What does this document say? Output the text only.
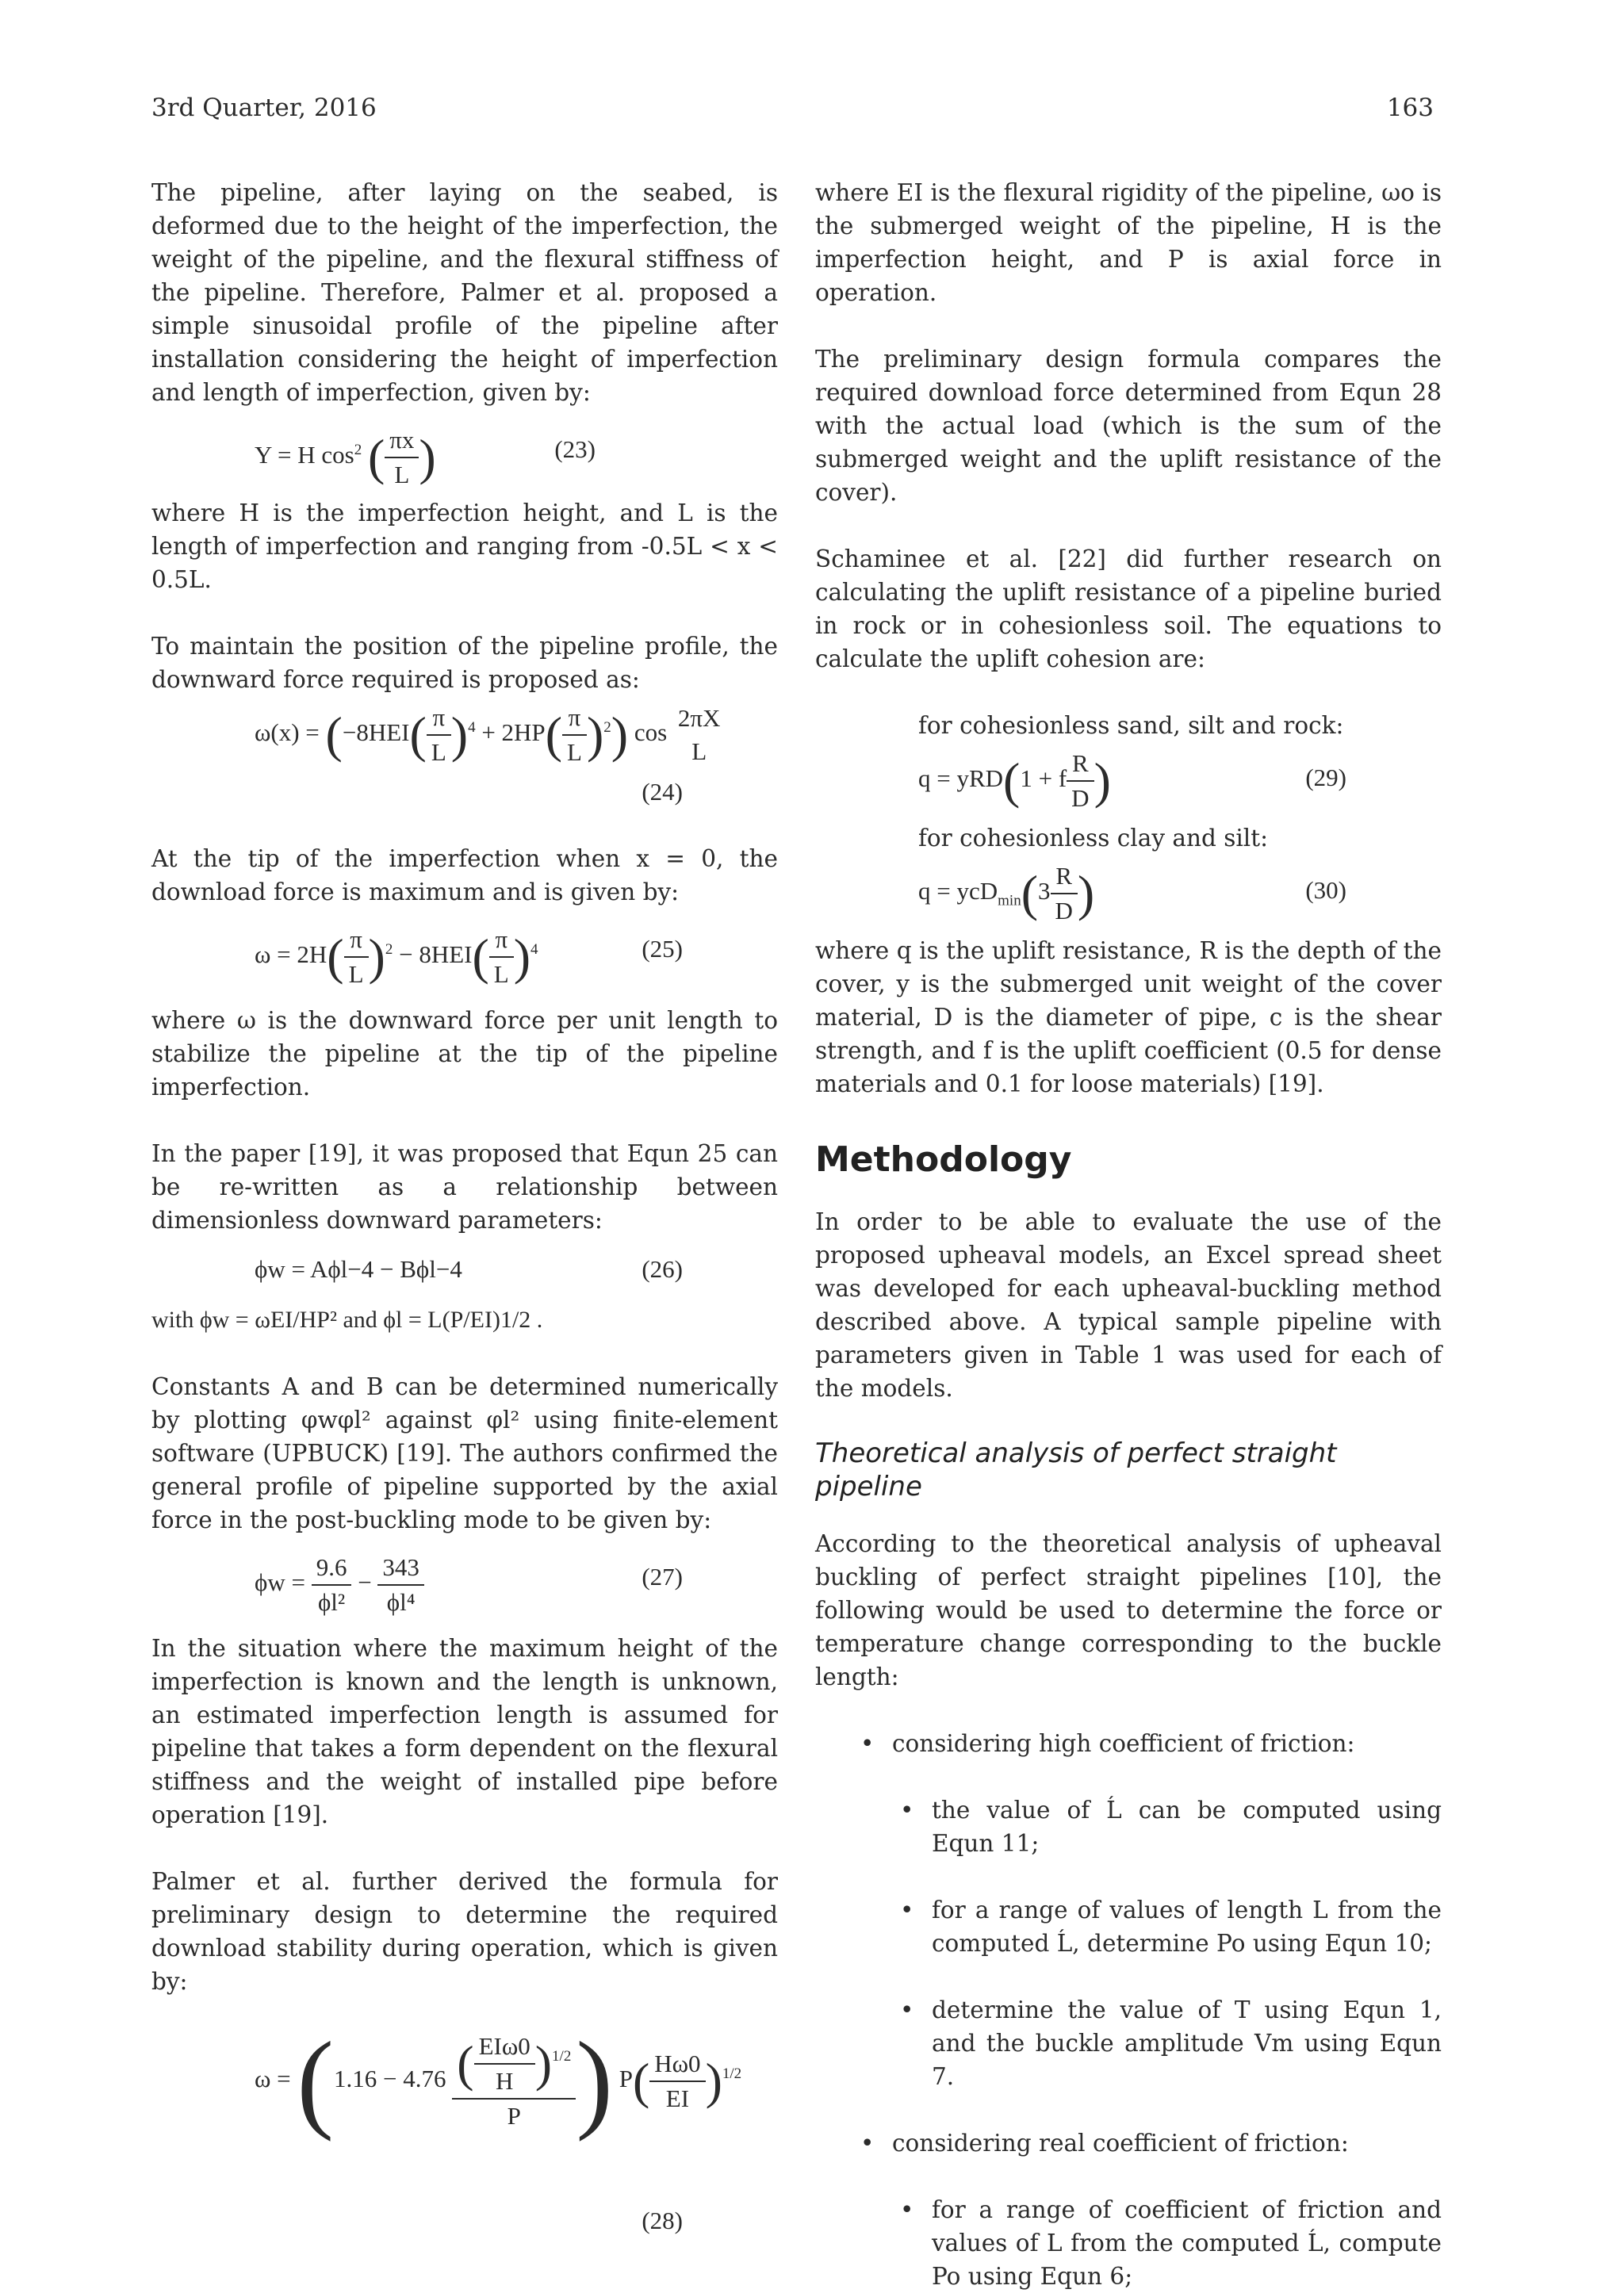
3rd Quarter, 2016	163

The pipeline, after laying on the seabed, is deformed due to the height of the imperfection, the weight of the pipeline, and the flexural stiffness of the pipeline. Therefore, Palmer et al. proposed a simple sinusoidal profile of the pipeline after installation considering the height of imperfection and length of imperfection, given by:

Y = H $\cos^2$ ( $\frac{\pi x}{L}$ )	(23)

where H is the imperfection height, and L is the length of imperfection and ranging from -0.5L < x < 0.5L.

To maintain the position of the pipeline profile, the downward force required is proposed as:

$\omega(x) = (-8HEI( \frac{\pi}{L} )^4 + 2HP( \frac{\pi}{L} )^2)$ cos
2πX
L
(24)

At the tip of the imperfection when x = 0, the download force is maximum and is given by:

$\omega = 2H( \frac{\pi}{L} )^2 - 8HEI( \frac{\pi}{L} )^4$	(25)

where ω is the downward force per unit length to stabilize the pipeline at the tip of the pipeline imperfection.

In the paper [19], it was proposed that Equn 25 can be re-written as a relationship between dimensionless downward parameters:

ϕw = Aϕl−4 − Bϕl−4	(26)
with ϕw = ωEI/HP² and ϕl = L(P/EI)1/2 .

Constants A and B can be determined numerically by plotting φwφl² against φl² using finite-element software (UPBUCK) [19]. The authors confirmed the general profile of pipeline supported by the axial force in the post-buckling mode to be given by:

$\phi w = \frac{9.6}{\text{ϕl²}} - \frac{343}{\text{ϕl⁴}}$	(27)

In the situation where the maximum height of the imperfection is known and the length is unknown, an estimated imperfection length is assumed for pipeline that takes a form dependent on the flexural stiffness and the weight of installed pipe before operation [19].

Palmer et al. further derived the formula for preliminary design to determine the required download stability during operation, which is given by:

$\omega = (1.16 - 4.76 \frac{( \frac{\text{EIω0}}{H} )^{1/2}}{P}$ ) $P( \frac{H\omega 0}{EI} )^{1/2}$
(28)

where EI is the flexural rigidity of the pipeline, ωo is the submerged weight of the pipeline, H is the imperfection height, and P is axial force in operation.

The preliminary design formula compares the required download force determined from Equn 28 with the actual load (which is the sum of the submerged weight and the uplift resistance of the cover).

Schaminee et al. [22] did further research on calculating the uplift resistance of a pipeline buried in rock or in cohesionless soil. The equations to calculate the uplift cohesion are:

for cohesionless sand, silt and rock:
q = yRD(1 + f $\frac{R}{D}$ )	(29)
for cohesionless clay and silt:
$q = ycD_{min}(3 \frac{R}{D}$ )	(30)

where q is the uplift resistance, R is the depth of the cover, y is the submerged unit weight of the cover material, D is the diameter of pipe, c is the shear strength, and f is the uplift coefficient (0.5 for dense materials and 0.1 for loose materials) [19].

Methodology

In order to be able to evaluate the use of the proposed upheaval models, an Excel spread sheet was developed for each upheaval-buckling method described above. A typical sample pipeline with parameters given in Table 1 was used for each of the models.

Theoretical analysis of perfect straight pipeline

According to the theoretical analysis of upheaval buckling of perfect straight pipelines [10], the following would be used to determine the force or temperature change corresponding to the buckle length:

• considering high coefficient of friction:
• the value of Ĺ can be computed using Equn 11;
• for a range of values of length L from the computed Ĺ, determine Po using Equn 10;
• determine the value of T using Equn 1, and the buckle amplitude Vm using Equn 7.
• considering real coefficient of friction:
• for a range of coefficient of friction and values of L from the computed Ĺ, compute Po using Equn 6;
